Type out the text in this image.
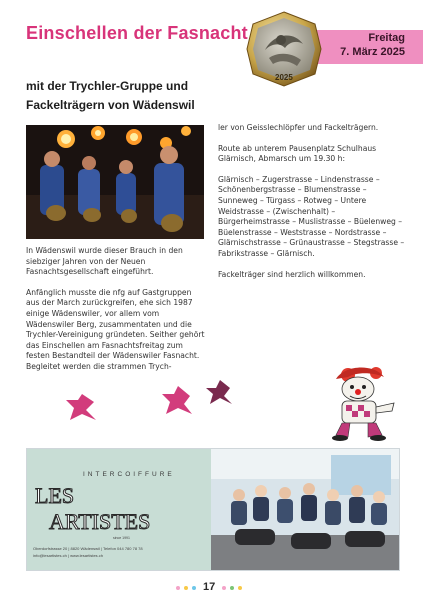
Einschellen der Fasnacht	Freitag
7. März 2025
2025
mit der Trychler-Gruppe und Fackelträgern von Wädenswil

In Wädenswil wurde dieser Brauch in den siebziger Jahren von der Neuen Fasnachtsgesellschaft eingeführt.

Anfänglich musste die nfg auf Gastgruppen aus der March zurückgreifen, ehe sich 1987 einige Wädenswiler, vor allem vom Wädenswiler Berg, zusammentaten und die Trychler-Vereinigung gründeten. Seither gehört das Einschellen am Fasnachtsfreitag zum festen Bestandteil der Wädenswiler Fasnacht. Begleitet werden die strammen Trych-

ler von Geisslechlöpfer und Fackelträgern.

Route ab unterem Pausenplatz Schulhaus Glärnisch, Abmarsch um 19.30 h:

Glärnisch – Zugerstrasse – Lindenstrasse – Schönenbergstrasse – Blumenstrasse – Sunneweg – Türgass – Rotweg – Untere Weidstrasse – (Zwischenhalt) – Bürgerheimstrasse – Muslistrasse – Büelenweg – Büelenstrasse – Weststrasse – Nordstrasse – Glärnischstrasse – Grünaustrasse – Stegstrasse – Fabrikstrasse – Glärnisch.

Fackelträger sind herzlich willkommen.

INTERCOIFFURE
LES
ARTISTES
since 1991
Oberdorfstrasse 20 | 8820 Wädenswil | Telefon 044 780 78 78
info@lesartistes.ch | www.lesartistes.ch
17
